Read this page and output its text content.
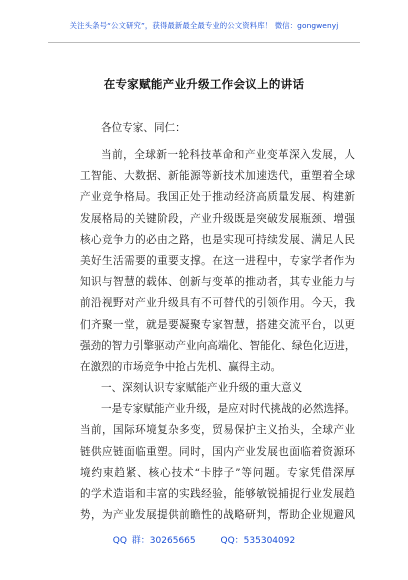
关注头条号“公文研究”，获得最新最全最专业的公文资料库！ 微信：gongwenyj
在专家赋能产业升级工作会议上的讲话
各位专家、同仁：
当前，全球新一轮科技革命和产业变革深入发展，人
工智能、大数据、新能源等新技术加速迭代，重塑着全球
产业竞争格局。我国正处于推动经济高质量发展、构建新
发展格局的关键阶段，产业升级既是突破发展瓶颈、增强
核心竞争力的必由之路，也是实现可持续发展、满足人民
美好生活需要的重要支撑。在这一进程中，专家学者作为
知识与智慧的载体、创新与变革的推动者，其专业能力与
前沿视野对产业升级具有不可替代的引领作用。今天，我
们齐聚一堂，就是要凝聚专家智慧，搭建交流平台，以更
强劲的智力引擎驱动产业向高端化、智能化、绿色化迈进，
在激烈的市场竞争中抢占先机、赢得主动。
一、深刻认识专家赋能产业升级的重大意义
一是专家赋能产业升级，是应对时代挑战的必然选择。
当前，国际环境复杂多变，贸易保护主义抬头，全球产业
链供应链面临重塑。同时，国内产业发展也面临着资源环
境约束趋紧、核心技术“卡脖子”等问题。专家凭借深厚
的学术造诣和丰富的实践经验，能够敏锐捕捉行业发展趋
势，为产业发展提供前瞻性的战略研判，帮助企业规避风
QQ 群：30265665	QQ：535304092
